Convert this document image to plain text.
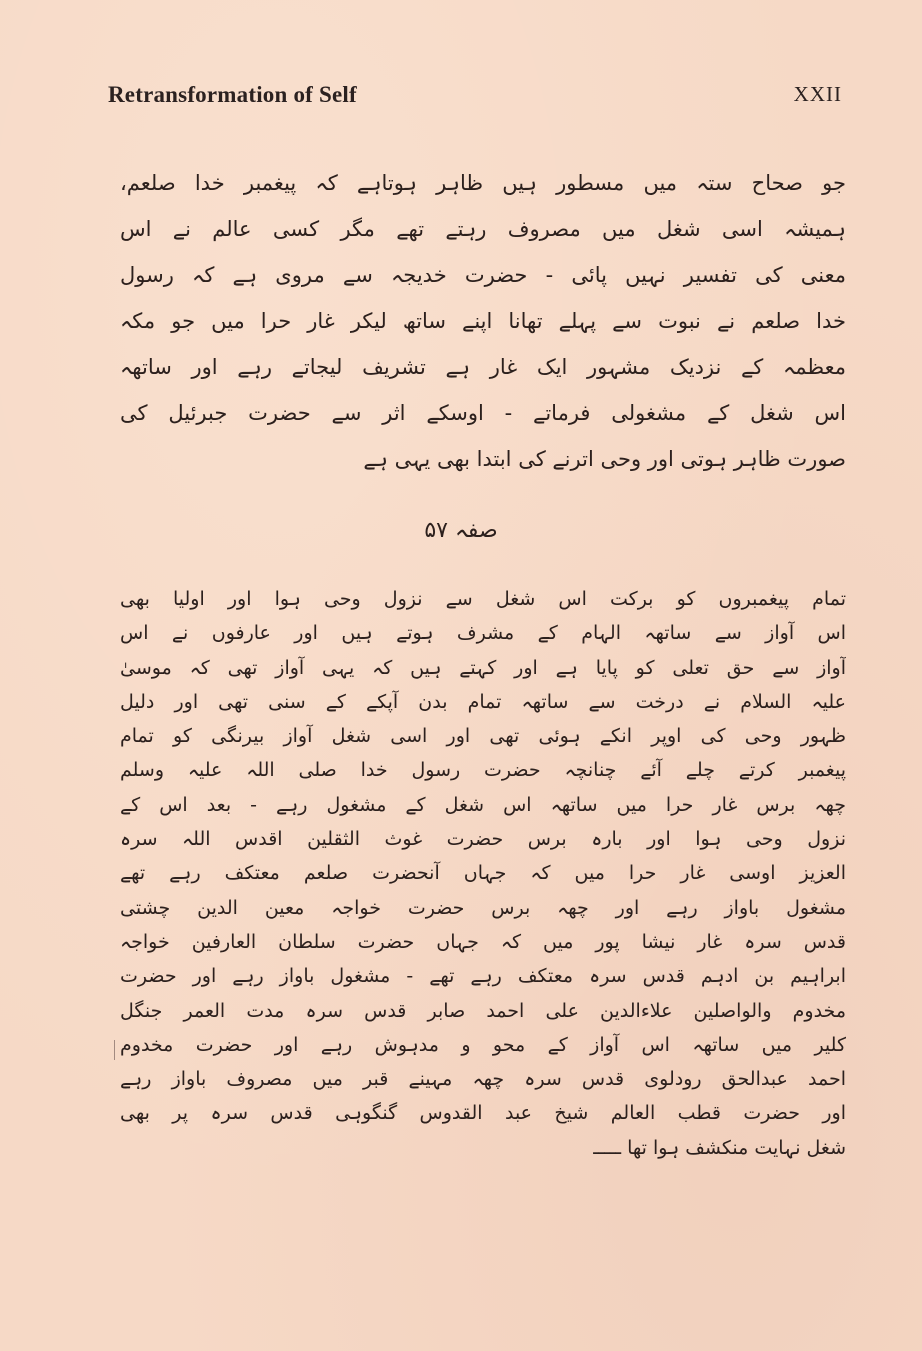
Retransformation of Self	XXII
جو صحاح ستہ میں مسطور ہیں ظاہر ہوتاہے کہ پیغمبر خدا صلعم،
ہمیشہ اسی شغل میں مصروف رہتے تھے مگر کسی عالم نے اس
معنی کی تفسیر نہیں پائی - حضرت خدیجہ سے مروی ہے کہ رسول
خدا صلعم نے نبوت سے پہلے تھانا اپنے ساتھ لیکر غار حرا میں جو مکہ
معظمہ کے نزدیک مشہور ایک غار ہے تشریف لیجاتے رہے اور ساتھہ
اس شغل کے مشغولی فرماتے - اوسکے اثر سے حضرت جبرئیل کی
صورت ظاہر ہوتی اور وحی اترنے کی ابتدا بھی یہی ہے
صفہ ۵۷
تمام پیغمبروں کو برکت اس شغل سے نزول وحی ہوا اور اولیا بھی
اس آواز سے ساتھہ الہام کے مشرف ہوتے ہیں اور عارفوں نے اس
آواز سے حق تعلی کو پایا ہے اور کہتے ہیں کہ یہی آواز تھی کہ موسیٰ
علیہ السلام نے درخت سے ساتھہ تمام بدن آپکے کے سنی تھی اور دلیل
ظہور وحی کی اوپر انکے ہوئی تھی اور اسی شغل آواز بیرنگی کو تمام
پیغمبر کرتے چلے آئے چنانچہ حضرت رسول خدا صلی اللہ علیہ وسلم
چھہ برس غار حرا میں ساتھہ اس شغل کے مشغول رہے - بعد اس کے
نزول وحی ہوا اور بارہ برس حضرت غوث الثقلین اقدس اللہ سرہ
العزیز اوسی غار حرا میں کہ جہاں آنحضرت صلعم معتکف رہے تھے
مشغول باواز رہے اور چھہ برس حضرت خواجہ معین الدین چشتی
قدس سرہ غار نیشا پور میں کہ جہاں حضرت سلطان العارفین خواجہ
ابراہیم بن ادہم قدس سرہ معتکف رہے تھے - مشغول باواز رہے اور حضرت
مخدوم والواصلین علاءالدین علی احمد صابر قدس سرہ مدت العمر جنگل
کلیر میں ساتھہ اس آواز کے محو و مدہوش رہے اور حضرت مخدوم
احمد عبدالحق رودلوی قدس سرہ چھہ مہینے قبر میں مصروف باواز رہے
اور حضرت قطب العالم شیخ عبد القدوس گنگوہی قدس سرہ پر بھی
شغل نہایت منکشف ہوا تھا ـــــ
